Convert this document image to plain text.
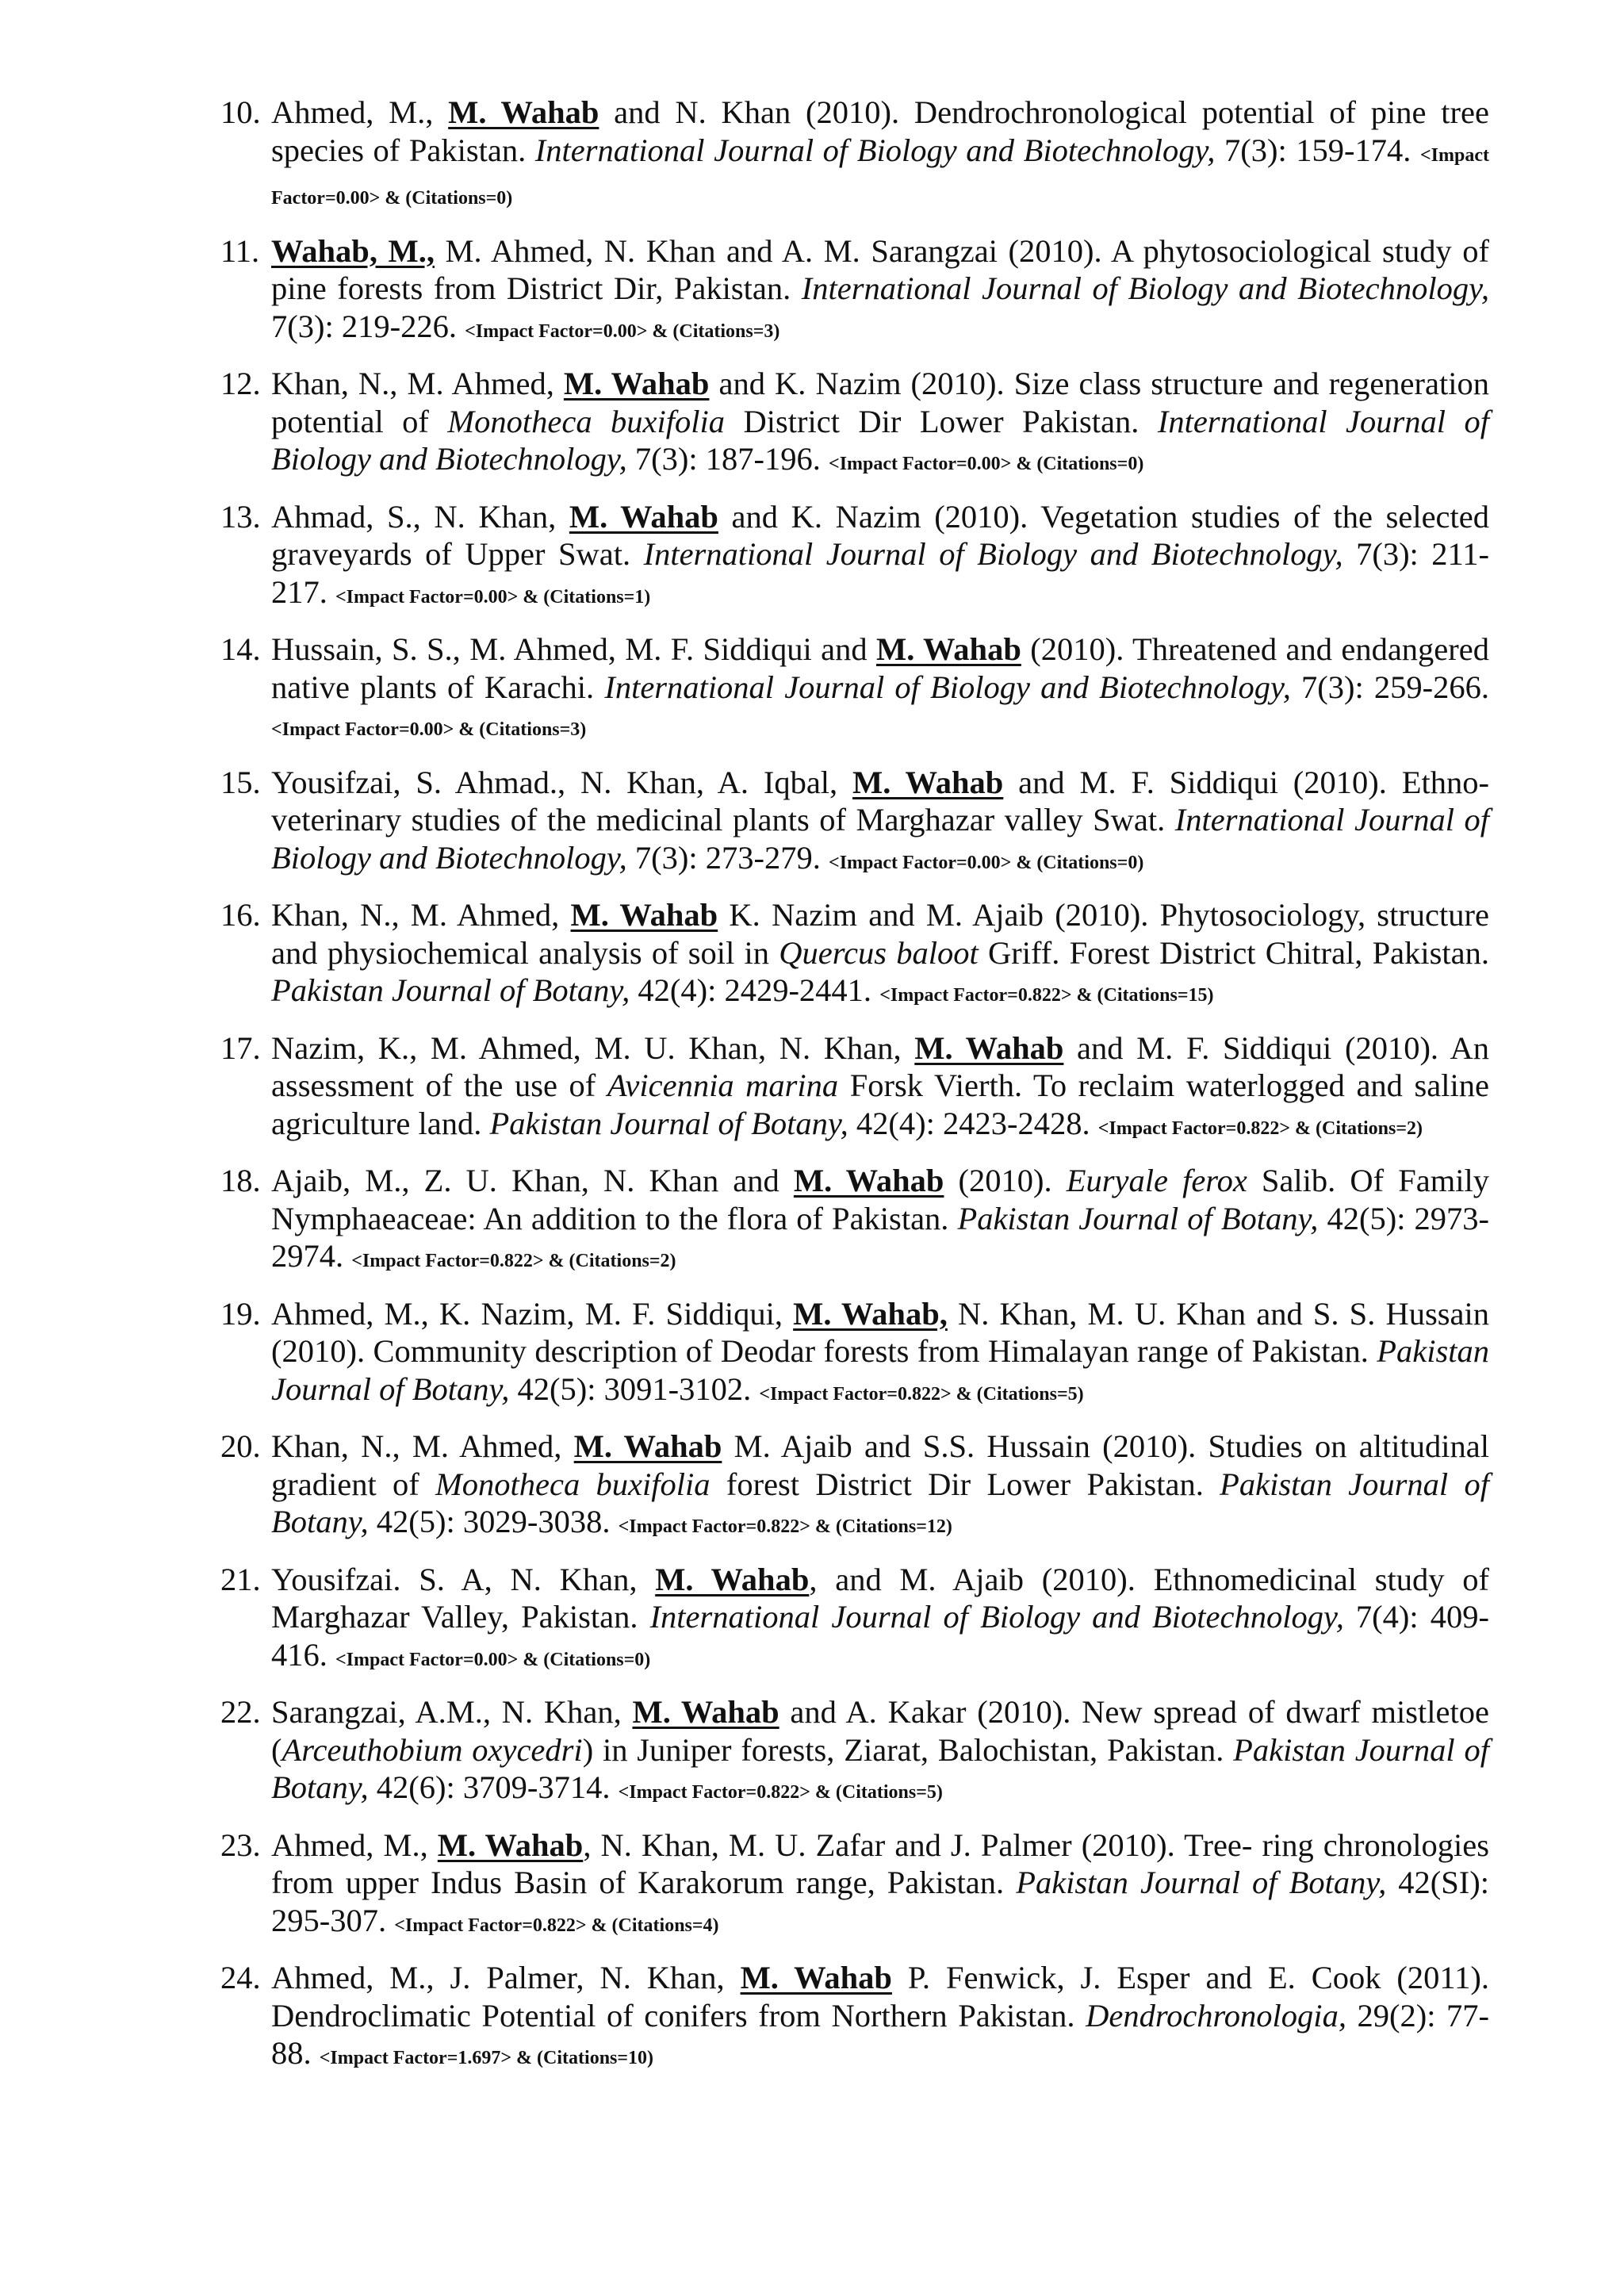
10. Ahmed, M., M. Wahab and N. Khan (2010). Dendrochronological potential of pine tree species of Pakistan. International Journal of Biology and Biotechnology, 7(3): 159-174. <Impact Factor=0.00> & (Citations=0)
11. Wahab, M., M. Ahmed, N. Khan and A. M. Sarangzai (2010). A phytosociological study of pine forests from District Dir, Pakistan. International Journal of Biology and Biotechnology, 7(3): 219-226. <Impact Factor=0.00> & (Citations=3)
12. Khan, N., M. Ahmed, M. Wahab and K. Nazim (2010). Size class structure and regeneration potential of Monotheca buxifolia District Dir Lower Pakistan. International Journal of Biology and Biotechnology, 7(3): 187-196. <Impact Factor=0.00> & (Citations=0)
13. Ahmad, S., N. Khan, M. Wahab and K. Nazim (2010). Vegetation studies of the selected graveyards of Upper Swat. International Journal of Biology and Biotechnology, 7(3): 211-217. <Impact Factor=0.00> & (Citations=1)
14. Hussain, S. S., M. Ahmed, M. F. Siddiqui and M. Wahab (2010). Threatened and endangered native plants of Karachi. International Journal of Biology and Biotechnology, 7(3): 259-266. <Impact Factor=0.00> & (Citations=3)
15. Yousifzai, S. Ahmad., N. Khan, A. Iqbal, M. Wahab and M. F. Siddiqui (2010). Ethno-veterinary studies of the medicinal plants of Marghazar valley Swat. International Journal of Biology and Biotechnology, 7(3): 273-279. <Impact Factor=0.00> & (Citations=0)
16. Khan, N., M. Ahmed, M. Wahab K. Nazim and M. Ajaib (2010). Phytosociology, structure and physiochemical analysis of soil in Quercus baloot Griff. Forest District Chitral, Pakistan. Pakistan Journal of Botany, 42(4): 2429-2441. <Impact Factor=0.822> & (Citations=15)
17. Nazim, K., M. Ahmed, M. U. Khan, N. Khan, M. Wahab and M. F. Siddiqui (2010). An assessment of the use of Avicennia marina Forsk Vierth. To reclaim waterlogged and saline agriculture land. Pakistan Journal of Botany, 42(4): 2423-2428. <Impact Factor=0.822> & (Citations=2)
18. Ajaib, M., Z. U. Khan, N. Khan and M. Wahab (2010). Euryale ferox Salib. Of Family Nymphaeaceae: An addition to the flora of Pakistan. Pakistan Journal of Botany, 42(5): 2973-2974. <Impact Factor=0.822> & (Citations=2)
19. Ahmed, M., K. Nazim, M. F. Siddiqui, M. Wahab, N. Khan, M. U. Khan and S. S. Hussain (2010). Community description of Deodar forests from Himalayan range of Pakistan. Pakistan Journal of Botany, 42(5): 3091-3102. <Impact Factor=0.822> & (Citations=5)
20. Khan, N., M. Ahmed, M. Wahab M. Ajaib and S.S. Hussain (2010). Studies on altitudinal gradient of Monotheca buxifolia forest District Dir Lower Pakistan. Pakistan Journal of Botany, 42(5): 3029-3038. <Impact Factor=0.822> & (Citations=12)
21. Yousifzai. S. A, N. Khan, M. Wahab, and M. Ajaib (2010). Ethnomedicinal study of Marghazar Valley, Pakistan. International Journal of Biology and Biotechnology, 7(4): 409-416. <Impact Factor=0.00> & (Citations=0)
22. Sarangzai, A.M., N. Khan, M. Wahab and A. Kakar (2010). New spread of dwarf mistletoe (Arceuthobium oxycedri) in Juniper forests, Ziarat, Balochistan, Pakistan. Pakistan Journal of Botany, 42(6): 3709-3714. <Impact Factor=0.822> & (Citations=5)
23. Ahmed, M., M. Wahab, N. Khan, M. U. Zafar and J. Palmer (2010). Tree- ring chronologies from upper Indus Basin of Karakorum range, Pakistan. Pakistan Journal of Botany, 42(SI): 295-307. <Impact Factor=0.822> & (Citations=4)
24. Ahmed, M., J. Palmer, N. Khan, M. Wahab P. Fenwick, J. Esper and E. Cook (2011). Dendroclimatic Potential of conifers from Northern Pakistan. Dendrochronologia, 29(2): 77-88. <Impact Factor=1.697> & (Citations=10)
